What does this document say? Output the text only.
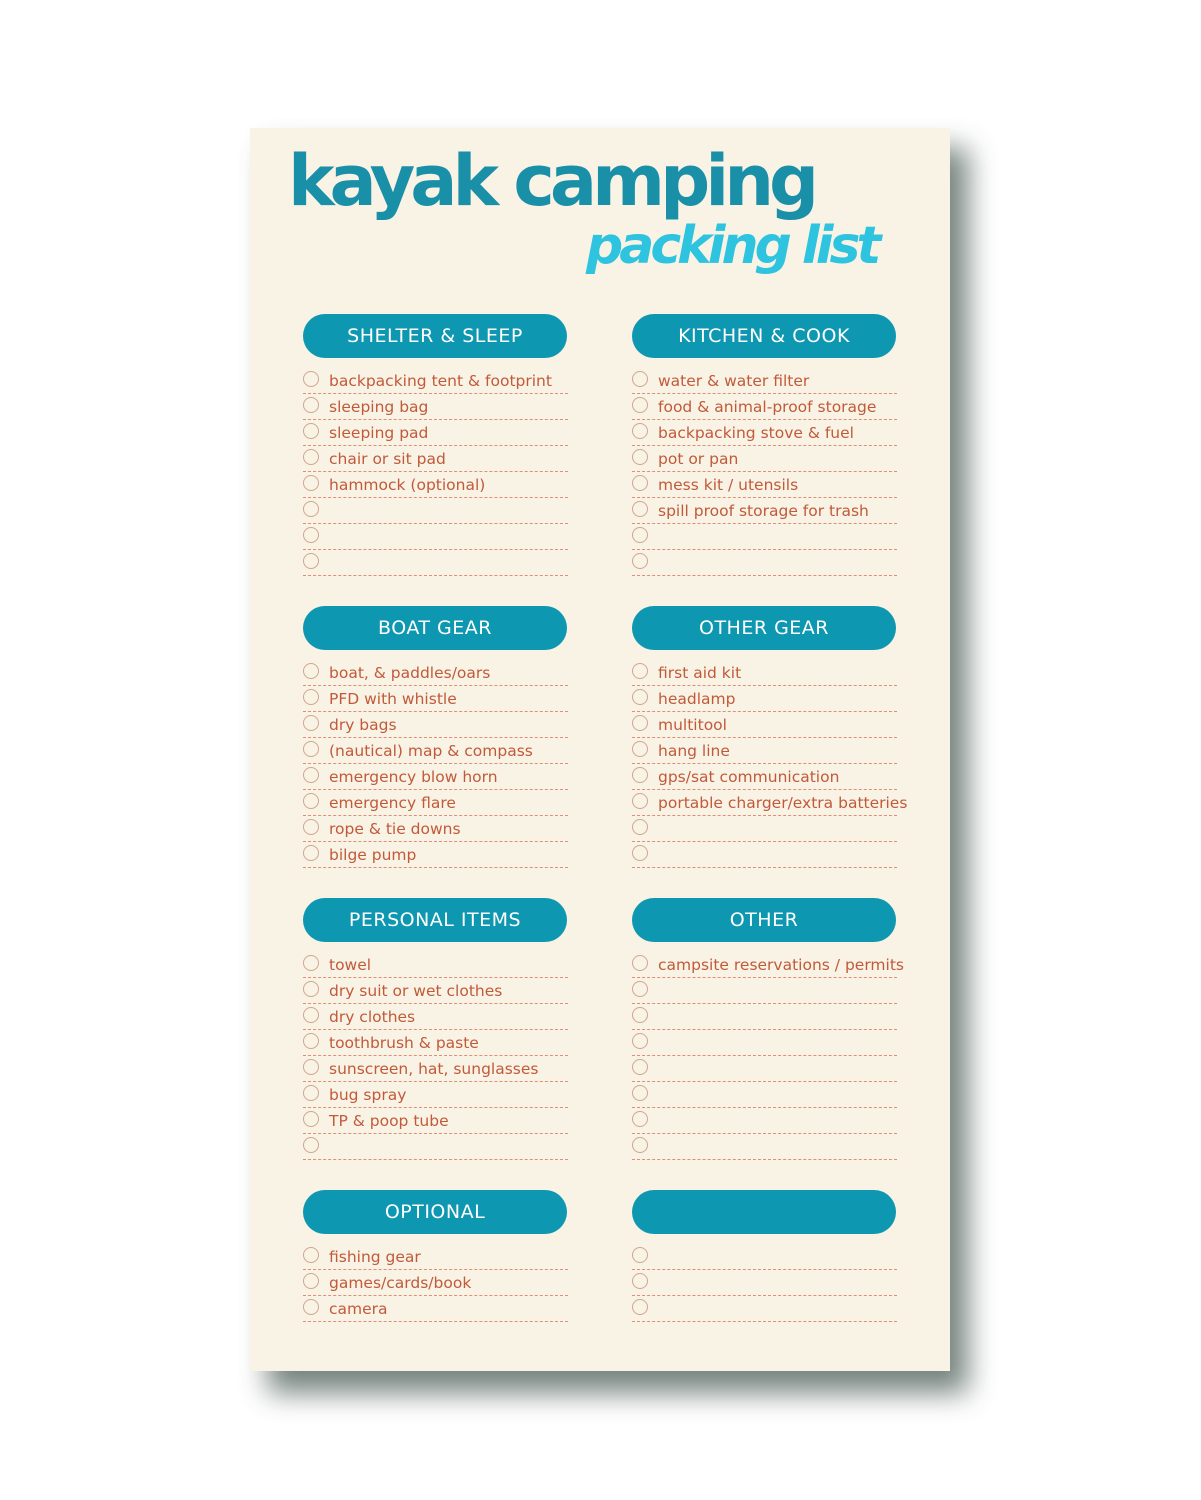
kayak camping
packing list
SHELTER & SLEEP
backpacking tent & footprint
sleeping bag
sleeping pad
chair or sit pad
hammock (optional)
KITCHEN & COOK
water & water filter
food & animal-proof storage
backpacking stove & fuel
pot or pan
mess kit / utensils
spill proof storage for trash
BOAT GEAR
boat, & paddles/oars
PFD with whistle
dry bags
(nautical) map & compass
emergency blow horn
emergency flare
rope & tie downs
bilge pump
OTHER GEAR
first aid kit
headlamp
multitool
hang line
gps/sat communication
portable charger/extra batteries
PERSONAL ITEMS
towel
dry suit or wet clothes
dry clothes
toothbrush & paste
sunscreen, hat, sunglasses
bug spray
TP & poop tube
OTHER
campsite reservations / permits
OPTIONAL
fishing gear
games/cards/book
camera
